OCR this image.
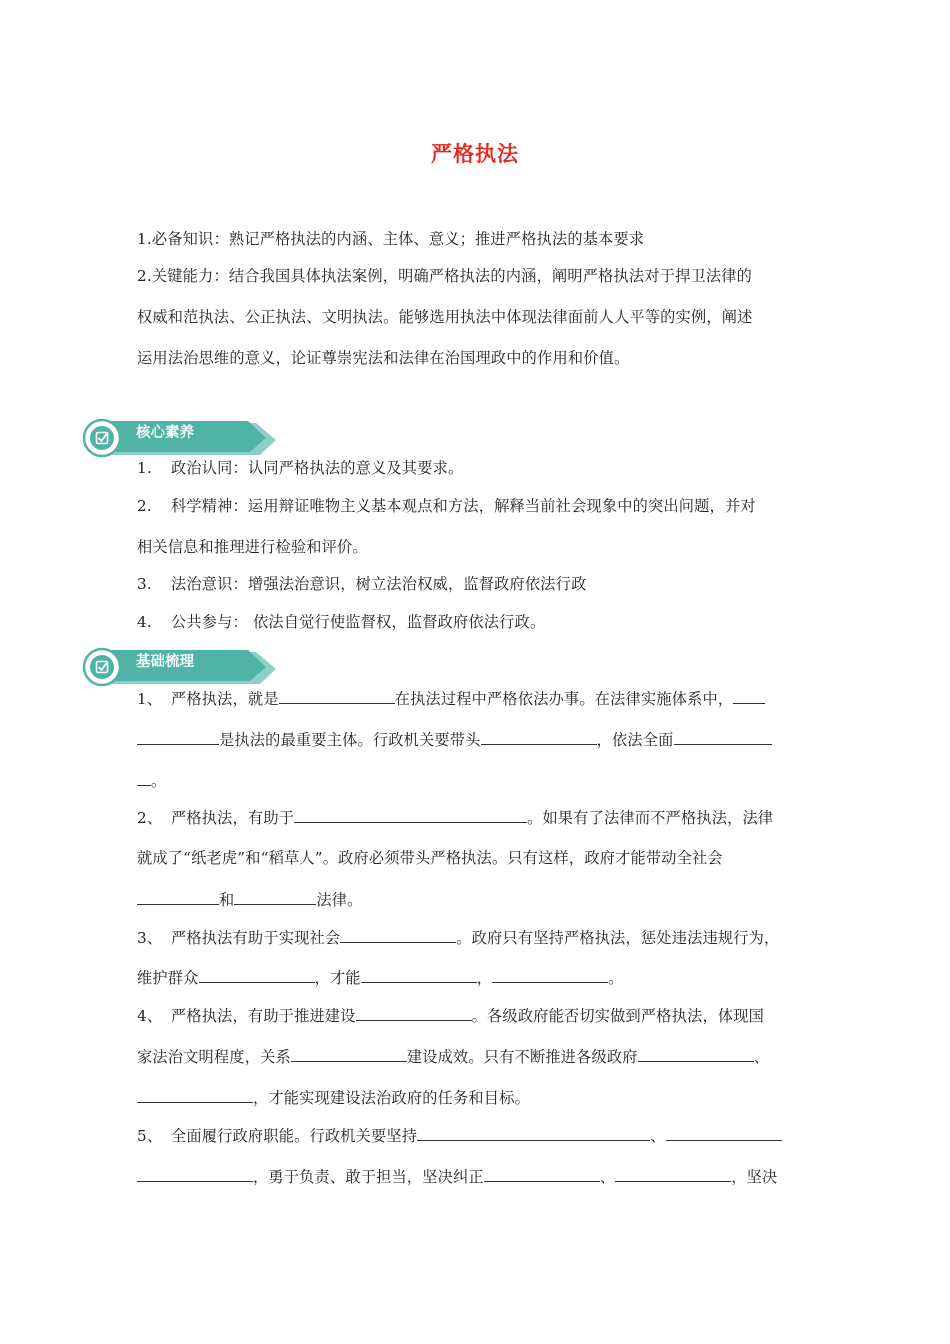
严格执法
1.必备知识：熟记严格执法的内涵、主体、意义；推进严格执法的基本要求
2.关键能力：结合我国具体执法案例，明确严格执法的内涵，阐明严格执法对于捍卫法律的
权威和范执法、公正执法、文明执法。能够选用执法中体现法律面前人人平等的实例，阐述
运用法治思维的意义，论证尊崇宪法和法律在治国理政中的作用和价值。
核心素养
1. 政治认同：认同严格执法的意义及其要求。
2. 科学精神：运用辩证唯物主义基本观点和方法，解释当前社会现象中的突出问题，并对
相关信息和推理进行检验和评价。
3. 法治意识：增强法治意识，树立法治权威，监督政府依法行政
4. 公共参与： 依法自觉行使监督权，监督政府依法行政。
基础梳理
1、 严格执法，就是	在执法过程中严格依法办事。在法律实施体系中，
是执法的最重要主体。行政机关要带头	，依法全面
。
2、 严格执法，有助于	。如果有了法律而不严格执法，法律
就成了“纸老虎”和“稻草人”。政府必须带头严格执法。只有这样，政府才能带动全社会
和	法律。
3、 严格执法有助于实现社会	。政府只有坚持严格执法，惩处违法违规行为，
维护群众	，才能	，	。
4、 严格执法，有助于推进建设	。各级政府能否切实做到严格执法，体现国
家法治文明程度，关系	建设成效。只有不断推进各级政府	、
，才能实现建设法治政府的任务和目标。
5、 全面履行政府职能。行政机关要坚持	、
，勇于负责、敢于担当，坚决纠正	、	，坚决
